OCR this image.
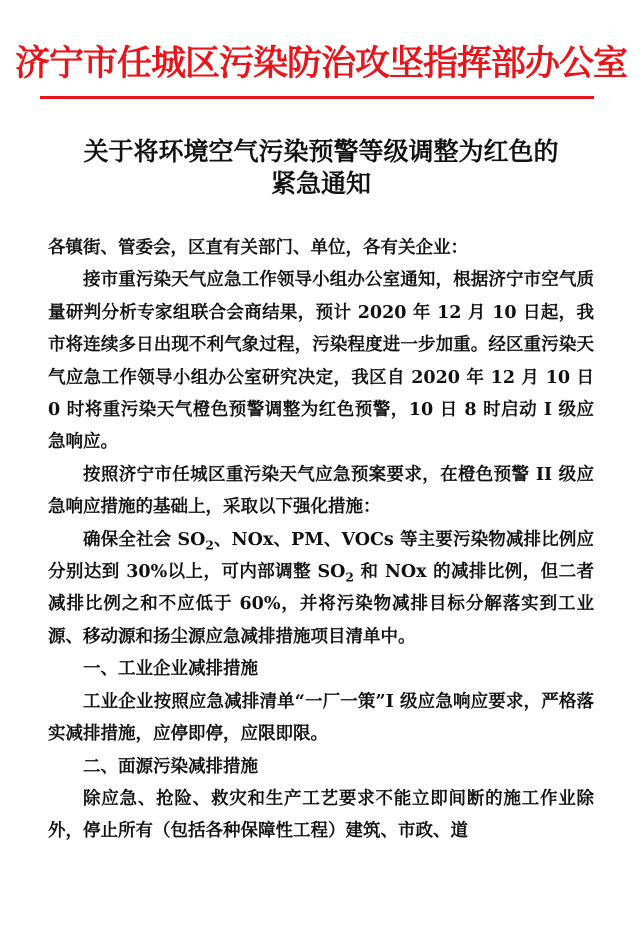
济宁市任城区污染防治攻坚指挥部办公室
关于将环境空气污染预警等级调整为红色的
紧急通知

各镇街、管委会，区直有关部门、单位，各有关企业：

接市重污染天气应急工作领导小组办公室通知，根据济宁市空气质量研判分析专家组联合会商结果，预计 2020 年 12 月 10 日起，我市将连续多日出现不利气象过程，污染程度进一步加重。经区重污染天气应急工作领导小组办公室研究决定，我区自 2020 年 12 月 10 日 0 时将重污染天气橙色预警调整为红色预警，10 日 8 时启动 I 级应急响应。

按照济宁市任城区重污染天气应急预案要求，在橙色预警 II 级应急响应措施的基础上，采取以下强化措施：

确保全社会 $SO_2$、NOx、PM、VOCs 等主要污染物减排比例应分别达到 30%以上，可内部调整 $SO_2$ 和 NOx 的减排比例，但二者减排比例之和不应低于 60%，并将污染物减排目标分解落实到工业源、移动源和扬尘源应急减排措施项目清单中。

一、工业企业减排措施

工业企业按照应急减排清单“一厂一策”I 级应急响应要求，严格落实减排措施，应停即停，应限即限。

二、面源污染减排措施

除应急、抢险、救灾和生产工艺要求不能立即间断的施工作业除外，停止所有（包括各种保障性工程）建筑、市政、道
